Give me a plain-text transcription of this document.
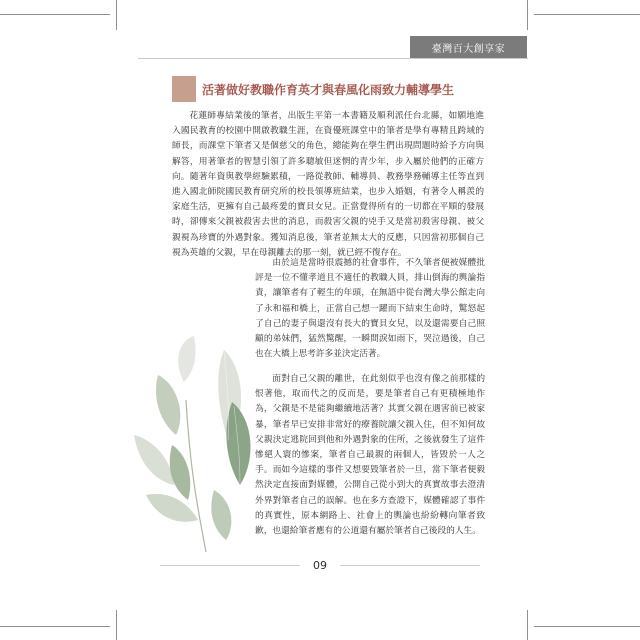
臺灣百大創享家
活著做好教職作育英才與春風化雨致力輔導學生

花蓮師專結業後的筆者，出版生平第一本書籍及順利派任台北縣，如願地進入國民教育的校園中開啟教職生涯，在資優班課堂中的筆者是學有專精且跨域的師長，而課堂下筆者又是個慈父的角色，總能夠在學生們出現問題時給予方向與解答，用著筆者的智慧引領了許多聰敏但迷惘的青少年，步入屬於他們的正確方向。隨著年資與教學經驗累積，一路從教師、輔導員、教務學務輔導主任等直到進入國北師院國民教育研究所的校長領導班結業，也步入婚姻，有著令人稱羨的家庭生活，更擁有自己最疼愛的寶貝女兒。正當覺得所有的一切都在平順的發展時，卻傳來父親被殺害去世的消息，而殺害父親的兇手又是當初殺害母親、被父親視為珍寶的外遇對象。獲知消息後，筆者並無太大的反應，只因當初那個自己視為英雄的父親，早在母親離去的那一刻，就已經不復存在。

由於這是當時很震撼的社會事件，不久筆者便被媒體批評是一位不懂孝道且不適任的教職人員，排山倒海的輿論指責，讓筆者有了輕生的年頭，在無語中從台灣大學公館走向了永和福和橋上，正當自己想一躍而下結束生命時，驚怒起了自己的妻子與還沒有長大的寶貝女兒，以及還需要自己照顧的弟妹們，猛然驚醒，一瞬間淚如雨下，哭泣過後，自己也在大橋上思考許多並決定活著。

面對自己父親的離世，在此刻似乎也沒有像之前那樣的恨著他，取而代之的反而是，要是筆者自己有更積極地作為，父親是不是能夠繼續地活著？其實父親在遇害前已被家暴，筆者早已安排非常好的療養院讓父親入住，但不知何故父親決定逃院回到他和外遇對象的住所，之後就發生了這件慘絕人寰的慘案，筆者自己最親的兩個人，皆毀於一人之手。而如今這樣的事件又想要毀筆者於一旦，當下筆者便毅然決定直接面對媒體，公開自己從小到大的真實故事去澄清外界對筆者自己的誤解。也在多方查證下，媒體確認了事件的真實性，原本網路上、社會上的輿論也紛紛轉向筆者致歉，也還給筆者應有的公道還有屬於筆者自己後段的人生。

09
